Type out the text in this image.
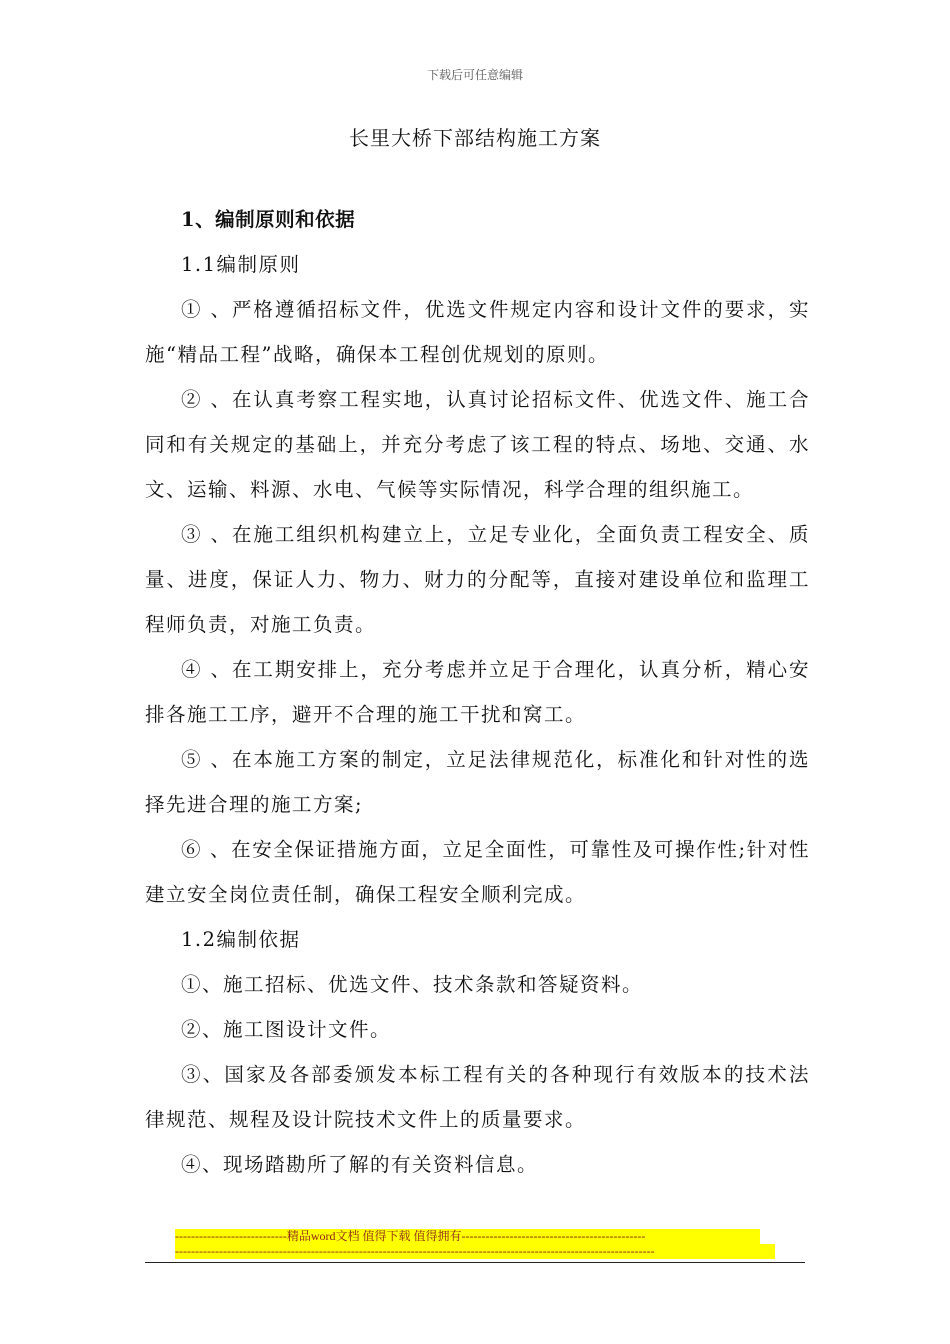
下载后可任意编辑
长里大桥下部结构施工方案

1、编制原则和依据

1.1编制原则

① 、严格遵循招标文件，优选文件规定内容和设计文件的要求，实施“精品工程”战略，确保本工程创优规划的原则。

② 、在认真考察工程实地，认真讨论招标文件、优选文件、施工合同和有关规定的基础上，并充分考虑了该工程的特点、场地、交通、水文、运输、料源、水电、气候等实际情况，科学合理的组织施工。

③ 、在施工组织机构建立上，立足专业化，全面负责工程安全、质量、进度，保证人力、物力、财力的分配等，直接对建设单位和监理工程师负责，对施工负责。

④ 、在工期安排上，充分考虑并立足于合理化，认真分析，精心安排各施工工序，避开不合理的施工干扰和窝工。

⑤ 、在本施工方案的制定，立足法律规范化，标准化和针对性的选择先进合理的施工方案;

⑥ 、在安全保证措施方面，立足全面性，可靠性及可操作性;针对性建立安全岗位责任制，确保工程安全顺利完成。

1.2编制依据

①、施工招标、优选文件、技术条款和答疑资料。

②、施工图设计文件。

③、国家及各部委颁发本标工程有关的各种现行有效版本的技术法律规范、规程及设计院技术文件上的质量要求。

④、现场踏勘所了解的有关资料信息。

----------------------------精品word文档 值得下载 值得拥有----------------------------------------------
------------------------------------------------------------------------------------------------------------------------
